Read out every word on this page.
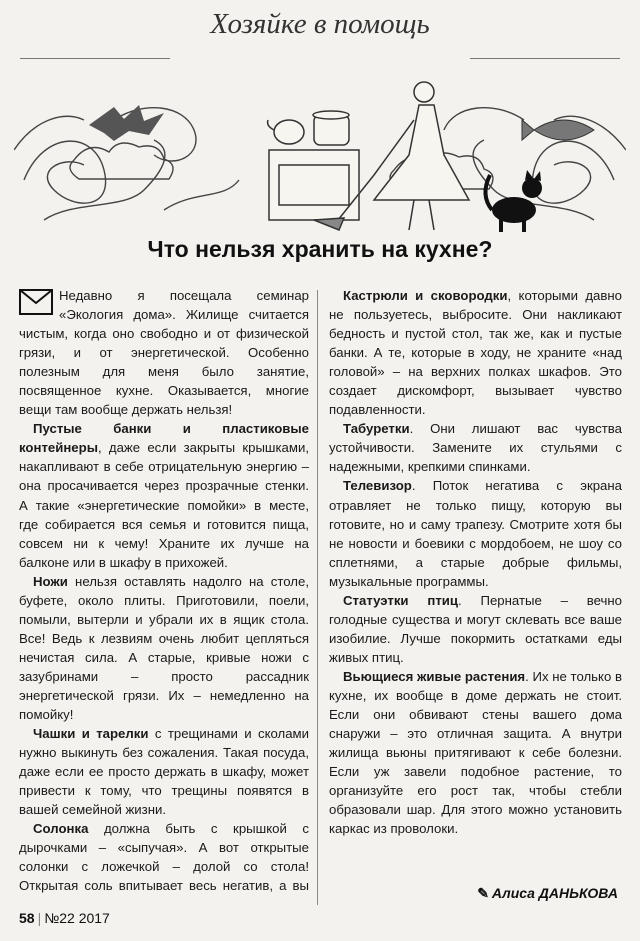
Хозяйке в помощь
Что нельзя хранить на кухне?

Недавно я посещала семинар «Экология дома». Жилище считается чистым, когда оно свободно и от физической грязи, и от энергетической. Особенно полезным для меня было занятие, посвященное кухне. Оказывается, многие вещи там вообще держать нельзя!

Пустые банки и пластиковые контейнеры, даже если закрыты крышками, накапливают в себе отрицательную энергию – она просачивается через прозрачные стенки. А такие «энергетические помойки» в месте, где собирается вся семья и готовится пища, совсем ни к чему! Храните их лучше на балконе или в шкафу в прихожей.

Ножи нельзя оставлять надолго на столе, буфете, около плиты. Приготовили, поели, помыли, вытерли и убрали их в ящик стола. Все! Ведь к лезвиям очень любит цепляться нечистая сила. А старые, кривые ножи с зазубринами – просто рассадник энергетической грязи. Их – немедленно на помойку!

Чашки и тарелки с трещинами и сколами нужно выкинуть без сожаления. Такая посуда, даже если ее просто держать в шкафу, может привести к тому, что трещины появятся в вашей семейной жизни.

Солонка должна быть с крышкой с дырочками – «сыпучая». А вот открытые солонки с ложечкой – долой со стола! Открытая соль впитывает весь негатив, а вы

Кастрюли и сковородки, которыми давно не пользуетесь, выбросите. Они накликают бедность и пустой стол, так же, как и пустые банки. А те, которые в ходу, не храните «над головой» – на верхних полках шкафов. Это создает дискомфорт, вызывает чувство подавленности.

Табуретки. Они лишают вас чувства устойчивости. Замените их стульями с надежными, крепкими спинками.

Телевизор. Поток негатива с экрана отравляет не только пищу, которую вы готовите, но и саму трапезу. Смотрите хотя бы не новости и боевики с мордобоем, не шоу со сплетнями, а старые добрые фильмы, музыкальные программы.

Статуэтки птиц. Пернатые – вечно голодные существа и могут склевать все ваше изобилие. Лучше покормить остатками еды живых птиц.

Вьющиеся живые растения. Их не только в кухне, их вообще в доме держать не стоит. Если они обвивают стены вашего дома снаружи – это отличная защита. А внутри жилища вьюны притягивают к себе болезни. Если уж завели подобное растение, то организуйте его рост так, чтобы стебли образовали шар. Для этого можно установить каркас из проволоки.

✎ Алиса ДАНЬКОВА
58 | №22 2017
